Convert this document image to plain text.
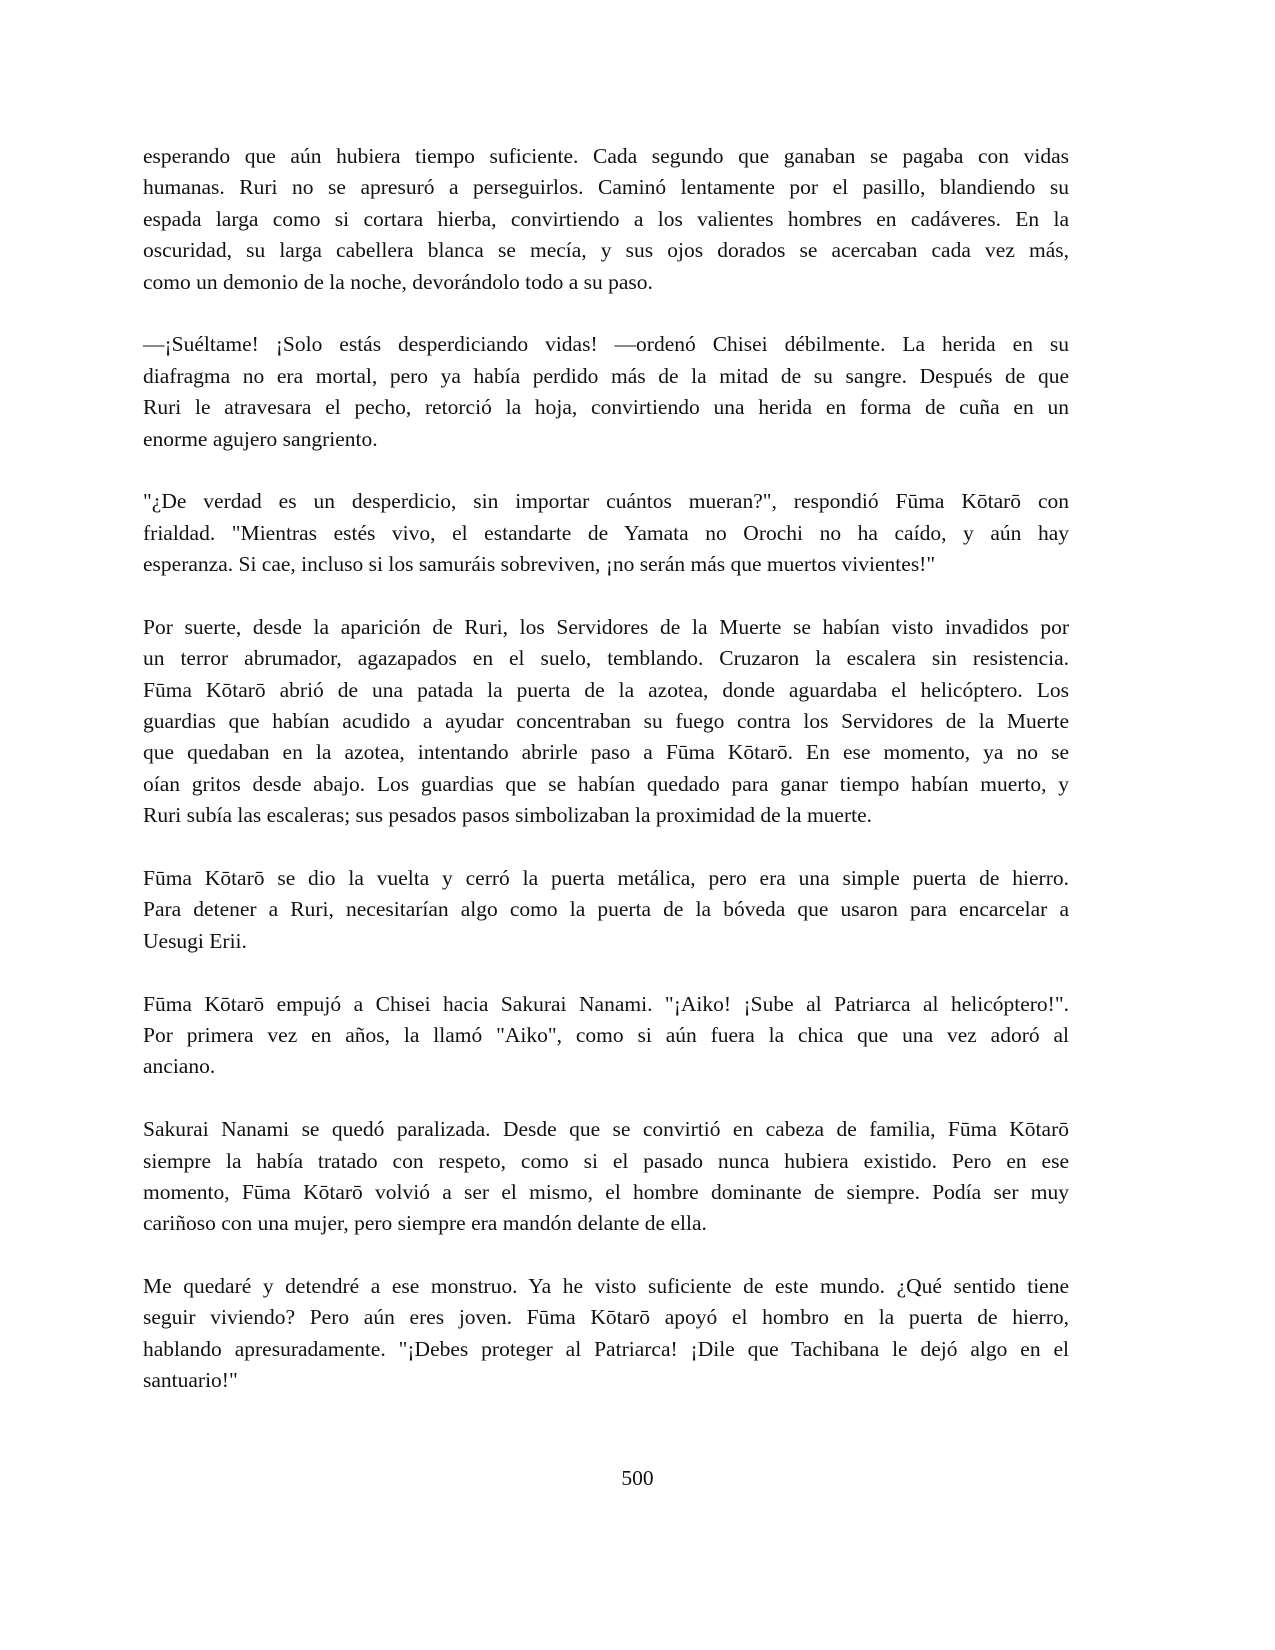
esperando que aún hubiera tiempo suficiente. Cada segundo que ganaban se pagaba con vidas
humanas. Ruri no se apresuró a perseguirlos. Caminó lentamente por el pasillo, blandiendo su
espada larga como si cortara hierba, convirtiendo a los valientes hombres en cadáveres. En la
oscuridad, su larga cabellera blanca se mecía, y sus ojos dorados se acercaban cada vez más,
como un demonio de la noche, devorándolo todo a su paso.
—¡Suéltame! ¡Solo estás desperdiciando vidas! —ordenó Chisei débilmente. La herida en su
diafragma no era mortal, pero ya había perdido más de la mitad de su sangre. Después de que
Ruri le atravesara el pecho, retorció la hoja, convirtiendo una herida en forma de cuña en un
enorme agujero sangriento.
"¿De verdad es un desperdicio, sin importar cuántos mueran?", respondió Fūma Kōtarō con
frialdad. "Mientras estés vivo, el estandarte de Yamata no Orochi no ha caído, y aún hay
esperanza. Si cae, incluso si los samuráis sobreviven, ¡no serán más que muertos vivientes!"
Por suerte, desde la aparición de Ruri, los Servidores de la Muerte se habían visto invadidos por
un terror abrumador, agazapados en el suelo, temblando. Cruzaron la escalera sin resistencia.
Fūma Kōtarō abrió de una patada la puerta de la azotea, donde aguardaba el helicóptero. Los
guardias que habían acudido a ayudar concentraban su fuego contra los Servidores de la Muerte
que quedaban en la azotea, intentando abrirle paso a Fūma Kōtarō. En ese momento, ya no se
oían gritos desde abajo. Los guardias que se habían quedado para ganar tiempo habían muerto, y
Ruri subía las escaleras; sus pesados pasos simbolizaban la proximidad de la muerte.
Fūma Kōtarō se dio la vuelta y cerró la puerta metálica, pero era una simple puerta de hierro.
Para detener a Ruri, necesitarían algo como la puerta de la bóveda que usaron para encarcelar a
Uesugi Erii.
Fūma Kōtarō empujó a Chisei hacia Sakurai Nanami. "¡Aiko! ¡Sube al Patriarca al helicóptero!".
Por primera vez en años, la llamó "Aiko", como si aún fuera la chica que una vez adoró al
anciano.
Sakurai Nanami se quedó paralizada. Desde que se convirtió en cabeza de familia, Fūma Kōtarō
siempre la había tratado con respeto, como si el pasado nunca hubiera existido. Pero en ese
momento, Fūma Kōtarō volvió a ser el mismo, el hombre dominante de siempre. Podía ser muy
cariñoso con una mujer, pero siempre era mandón delante de ella.
Me quedaré y detendré a ese monstruo. Ya he visto suficiente de este mundo. ¿Qué sentido tiene
seguir viviendo? Pero aún eres joven. Fūma Kōtarō apoyó el hombro en la puerta de hierro,
hablando apresuradamente. "¡Debes proteger al Patriarca! ¡Dile que Tachibana le dejó algo en el
santuario!"
500
